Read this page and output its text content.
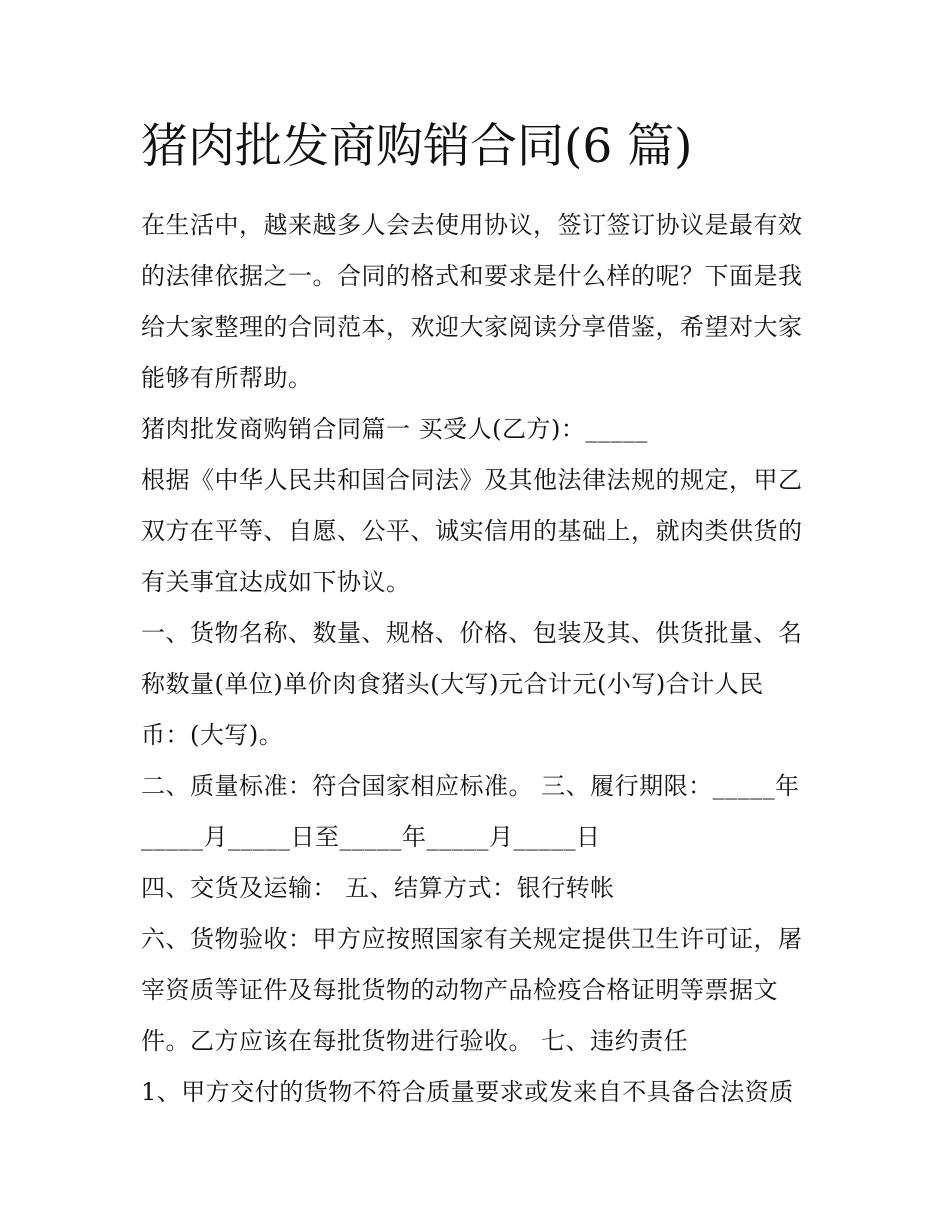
猪肉批发商购销合同(6 篇)

在生活中，越来越多人会去使用协议，签订签订协议是最有效

的法律依据之一。合同的格式和要求是什么样的呢？下面是我

给大家整理的合同范本，欢迎大家阅读分享借鉴，希望对大家

能够有所帮助。

猪肉批发商购销合同篇一 买受人(乙方)：_____

根据《中华人民共和国合同法》及其他法律法规的规定，甲乙

双方在平等、自愿、公平、诚实信用的基础上，就肉类供货的

有关事宜达成如下协议。

一、货物名称、数量、规格、价格、包装及其、供货批量、名

称数量(单位)单价肉食猪头(大写)元合计元(小写)合计人民

币：(大写)。

二、质量标准：符合国家相应标准。 三、履行期限：_____年

_____月_____日至_____年_____月_____日

四、交货及运输： 五、结算方式：银行转帐

六、货物验收：甲方应按照国家有关规定提供卫生许可证，屠

宰资质等证件及每批货物的动物产品检疫合格证明等票据文

件。乙方应该在每批货物进行验收。 七、违约责任

1、甲方交付的货物不符合质量要求或发来自不具备合法资质
